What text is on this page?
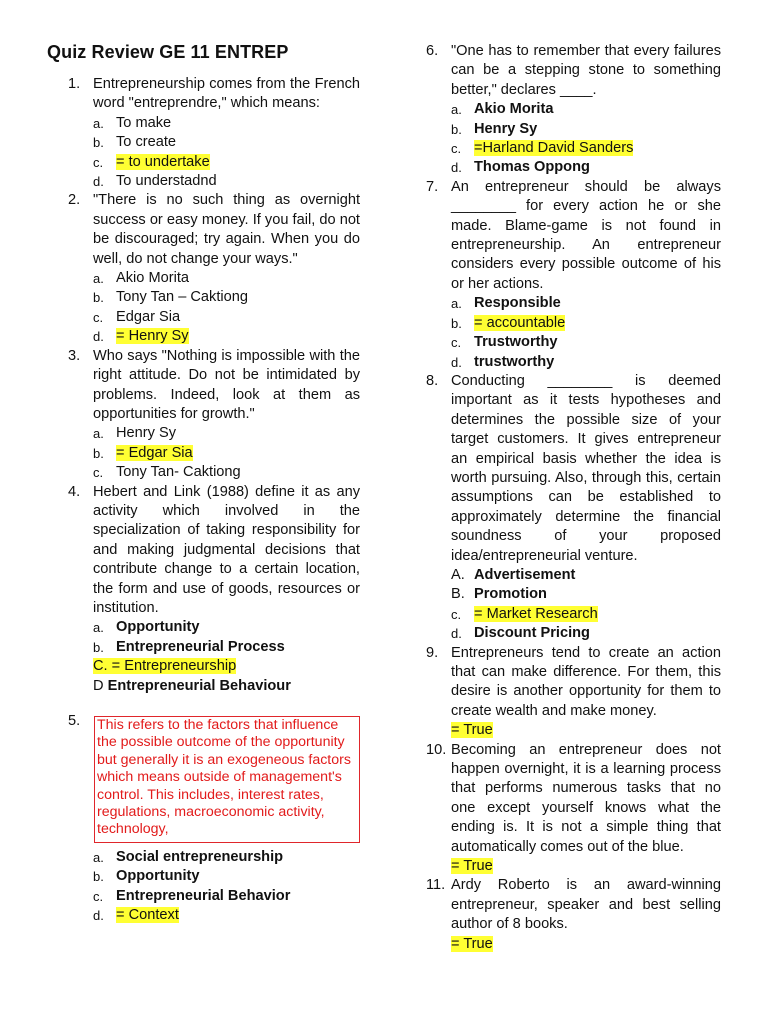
Quiz Review GE 11 ENTREP
1. Entrepreneurship comes from the French word "entreprendre," which means:
a. To make
b. To create
c. = to undertake
d. To understadnd
2. "There is no such thing as overnight success or easy money. If you fail, do not be discouraged; try again. When you do well, do not change your ways."
a. Akio Morita
b. Tony Tan – Caktiong
c. Edgar Sia
d. = Henry Sy
3. Who says "Nothing is impossible with the right attitude. Do not be intimidated by problems. Indeed, look at them as opportunities for growth."
a. Henry Sy
b. = Edgar Sia
c. Tony Tan- Caktiong
4. Hebert and Link (1988) define it as any activity which involved in the specialization of taking responsibility for and making judgmental decisions that contribute change to a certain location, the form and use of goods, resources or institution.
a. Opportunity
b. Entrepreneurial Process
C. = Entrepreneurship
D Entrepreneurial Behaviour
5. This refers to the factors that influence the possible outcome of the opportunity but generally it is an exogeneous factors which means outside of management's control. This includes, interest rates, regulations, macroeconomic activity, technology,
a. Social entrepreneurship
b. Opportunity
c. Entrepreneurial Behavior
d. = Context
6. "One has to remember that every failures can be a stepping stone to something better," declares ____.
a. Akio Morita
b. Henry Sy
c. =Harland David Sanders
d. Thomas Oppong
7. An entrepreneur should be always ________ for every action he or she made. Blame-game is not found in entrepreneurship. An entrepreneur considers every possible outcome of his or her actions.
a. Responsible
b. = accountable
c. Trustworthy
d. trustworthy
8. Conducting ________ is deemed important as it tests hypotheses and determines the possible size of your target customers. It gives entrepreneur an empirical basis whether the idea is worth pursuing. Also, through this, certain assumptions can be established to approximately determine the financial soundness of your proposed idea/entrepreneurial venture.
A. Advertisement
B. Promotion
c. = Market Research
d. Discount Pricing
9. Entrepreneurs tend to create an action that can make difference. For them, this desire is another opportunity for them to create wealth and make money.
= True
10. Becoming an entrepreneur does not happen overnight, it is a learning process that performs numerous tasks that no one except yourself knows what the ending is. It is not a simple thing that automatically comes out of the blue.
= True
11. Ardy Roberto is an award-winning entrepreneur, speaker and best selling author of 8 books.
= True
